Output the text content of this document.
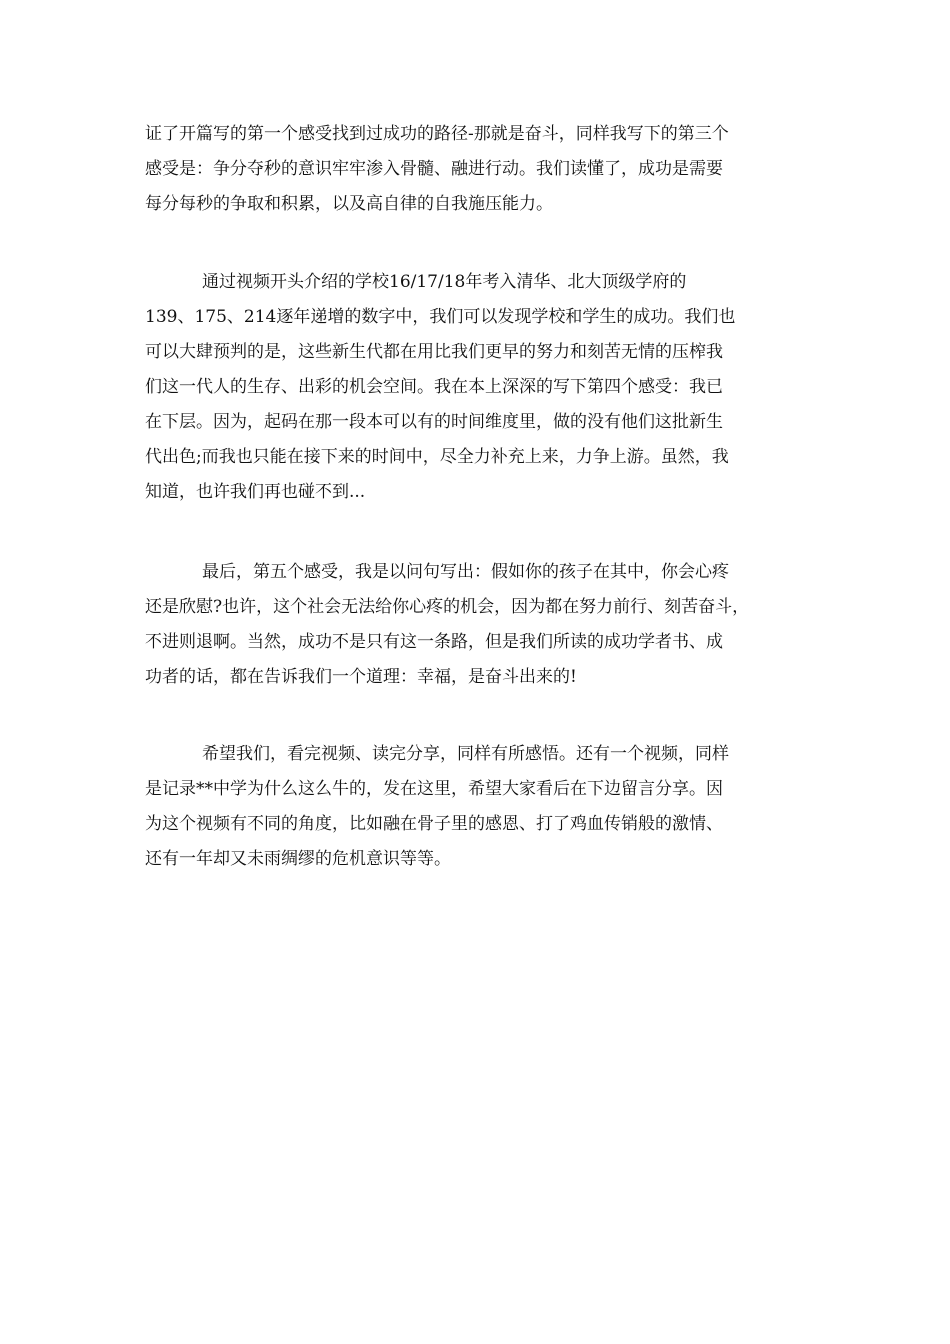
证了开篇写的第一个感受找到过成功的路径-那就是奋斗，同样我写下的第三个
感受是：争分夺秒的意识牢牢渗入骨髓、融进行动。我们读懂了，成功是需要
每分每秒的争取和积累，以及高自律的自我施压能力。
通过视频开头介绍的学校16/17/18年考入清华、北大顶级学府的
139、175、214逐年递增的数字中，我们可以发现学校和学生的成功。我们也
可以大肆预判的是，这些新生代都在用比我们更早的努力和刻苦无情的压榨我
们这一代人的生存、出彩的机会空间。我在本上深深的写下第四个感受：我已
在下层。因为，起码在那一段本可以有的时间维度里，做的没有他们这批新生
代出色;而我也只能在接下来的时间中，尽全力补充上来，力争上游。虽然，我
知道，也许我们再也碰不到...
最后，第五个感受，我是以问句写出：假如你的孩子在其中，你会心疼
还是欣慰?也许，这个社会无法给你心疼的机会，因为都在努力前行、刻苦奋斗，
不进则退啊。当然，成功不是只有这一条路，但是我们所读的成功学者书、成
功者的话，都在告诉我们一个道理：幸福，是奋斗出来的!
希望我们，看完视频、读完分享，同样有所感悟。还有一个视频，同样
是记录**中学为什么这么牛的，发在这里，希望大家看后在下边留言分享。因
为这个视频有不同的角度，比如融在骨子里的感恩、打了鸡血传销般的激情、
还有一年却又未雨绸缪的危机意识等等。
